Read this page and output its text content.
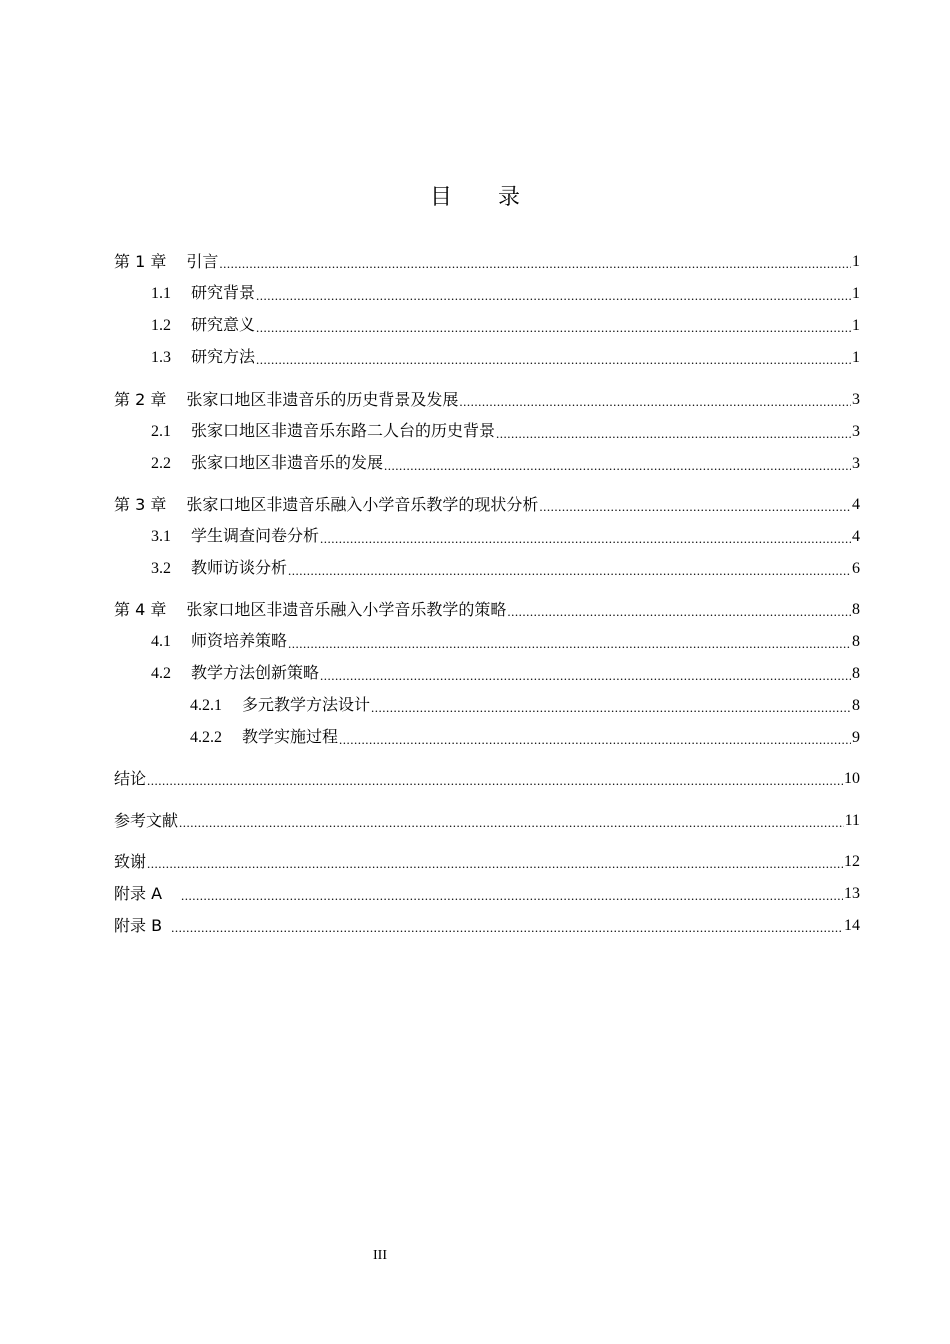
目 录
第 1 章 引言 .....	1
1.1 研究背景 .....	1
1.2 研究意义 .....	1
1.3 研究方法 .....	1
第 2 章 张家口地区非遗音乐的历史背景及发展 .....	3
2.1 张家口地区非遗音乐东路二人台的历史背景 .....	3
2.2 张家口地区非遗音乐的发展 .....	3
第 3 章 张家口地区非遗音乐融入小学音乐教学的现状分析 .....	4
3.1 学生调查问卷分析 .....	4
3.2 教师访谈分析 .....	6
第 4 章 张家口地区非遗音乐融入小学音乐教学的策略 .....	8
4.1 师资培养策略 .....	8
4.2 教学方法创新策略 .....	8
4.2.1 多元教学方法设计 .....	8
4.2.2 教学实施过程 .....	9
结论 .....	10
参考文献 .....	11
致谢 .....	12
附录 A .....	13
附录 B .....	14
III
